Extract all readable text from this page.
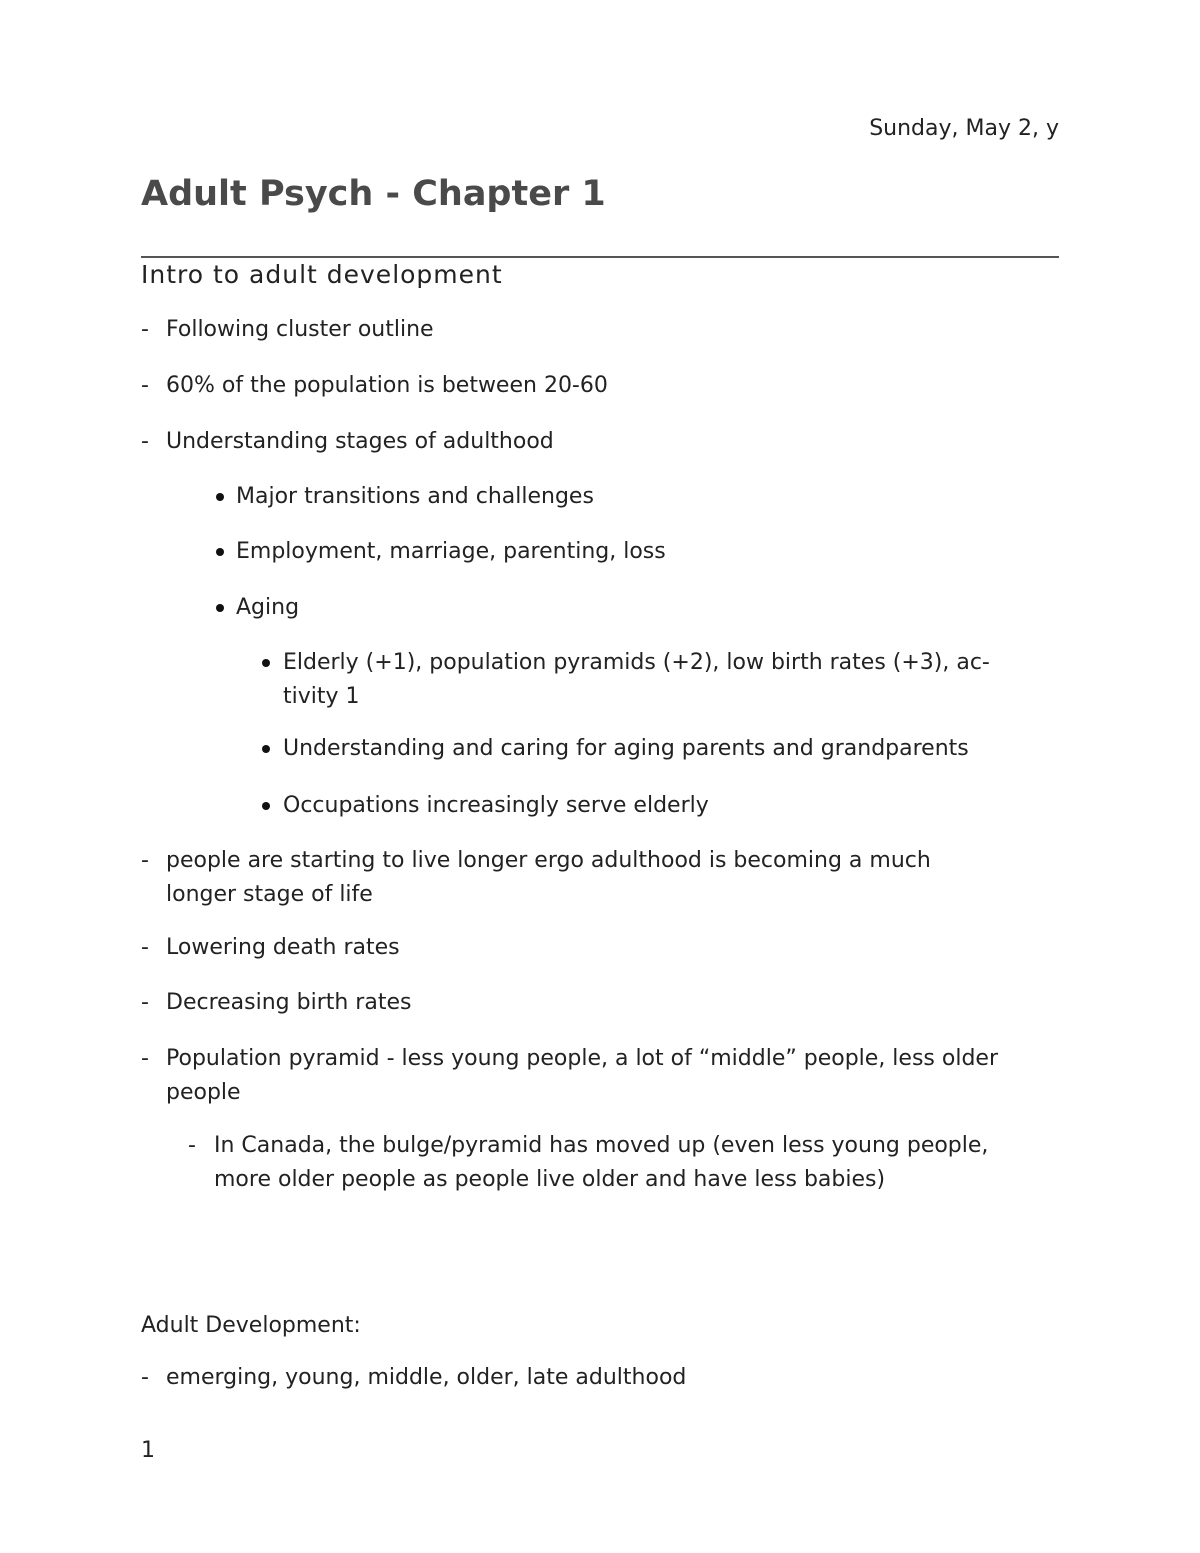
Sunday, May 2, y
Adult Psych - Chapter 1
Intro to adult development
- Following cluster outline
- 60% of the population is between 20-60
- Understanding stages of adulthood
Major transitions and challenges
Employment, marriage, parenting, loss
Aging
Elderly (+1), population pyramids (+2), low birth rates (+3), ac-
tivity 1
Understanding and caring for aging parents and grandparents
Occupations increasingly serve elderly
- people are starting to live longer ergo adulthood is becoming a much
longer stage of life
- Lowering death rates
- Decreasing birth rates
- Population pyramid - less young people, a lot of “middle” people, less older
people
- In Canada, the bulge/pyramid has moved up (even less young people,
more older people as people live older and have less babies)
Adult Development:
- emerging, young, middle, older, late adulthood
1
